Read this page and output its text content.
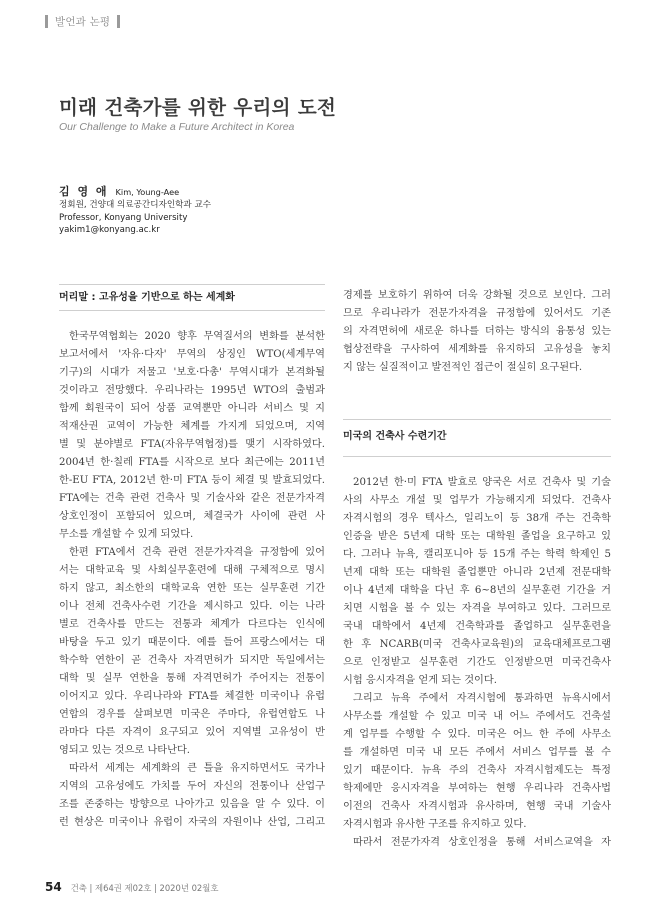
발언과 논평
미래 건축가를 위한 우리의 도전
Our Challenge to Make a Future Architect in Korea
김 영 애 Kim, Young-Aee
정회원, 건양대 의료공간디자인학과 교수
Professor, Konyang University
yakim1@konyang.ac.kr
머리말 : 고유성을 기반으로 하는 세계화
한국무역협회는 2020 향후 무역질서의 변화를 분석한
보고서에서 '자유·다자' 무역의 상징인 WTO(세계무역
기구)의 시대가 저물고 '보호·다총' 무역시대가 본격화될
것이라고 전망했다. 우리나라는 1995년 WTO의 출범과
함께 회원국이 되어 상품 교역뿐만 아니라 서비스 및 지
적재산권 교역이 가능한 체계를 가지게 되었으며, 지역
별 및 분야별로 FTA(자유무역협정)를 맺기 시작하였다.
2004년 한·칠레 FTA를 시작으로 보다 최근에는 2011년
한-EU FTA, 2012년 한·미 FTA 등이 체결 및 발효되었다.
FTA에는 건축 관련 건축사 및 기술사와 같은 전문가자격
상호인정이 포함되어 있으며, 체결국가 사이에 관련 사
무소를 개설할 수 있게 되었다.
한편 FTA에서 건축 관련 전문가자격을 규정함에 있어
서는 대학교육 및 사회실무훈련에 대해 구체적으로 명시
하지 않고, 최소한의 대학교육 연한 또는 실무훈련 기간
이나 전체 건축사수련 기간을 제시하고 있다. 이는 나라
별로 건축사를 만드는 전통과 체계가 다르다는 인식에
바탕을 두고 있기 때문이다. 예를 들어 프랑스에서는 대
학수학 연한이 곧 건축사 자격면허가 되지만 독일에서는
대학 및 실무 연한을 통해 자격면허가 주어지는 전통이
이어지고 있다. 우리나라와 FTA를 체결한 미국이나 유럽
연합의 경우를 살펴보면 미국은 주마다, 유럽연합도 나
라마다 다른 자격이 요구되고 있어 지역별 고유성이 반
영되고 있는 것으로 나타난다.
따라서 세계는 세계화의 큰 틀을 유지하면서도 국가나
지역의 고유성에도 가치를 두어 자신의 전통이나 산업구
조를 존중하는 방향으로 나아가고 있음을 알 수 있다. 이
런 현상은 미국이나 유럽이 자국의 자원이나 산업, 그리고
경제를 보호하기 위하여 더욱 강화될 것으로 보인다. 그러
므로 우리나라가 전문가자격을 규정함에 있어서도 기존
의 자격면허에 새로운 하나를 더하는 방식의 융통성 있는
협상전략을 구사하여 세계화를 유지하되 고유성을 놓치
지 않는 실질적이고 발전적인 접근이 절실히 요구된다.
미국의 건축사 수련기간
2012년 한·미 FTA 발효로 양국은 서로 건축사 및 기술
사의 사무소 개설 및 업무가 가능해지게 되었다. 건축사
자격시험의 경우 텍사스, 일리노이 등 38개 주는 건축학
인증을 받은 5년제 대학 또는 대학원 졸업을 요구하고 있
다. 그러나 뉴욕, 캘리포니아 등 15개 주는 학력 학제인 5
년제 대학 또는 대학원 졸업뿐만 아니라 2년제 전문대학
이나 4년제 대학을 다닌 후 6~8년의 실무훈련 기간을 거
치면 시험을 볼 수 있는 자격을 부여하고 있다. 그러므로
국내 대학에서 4년제 건축학과를 졸업하고 실무훈련을
한 후 NCARB(미국 건축사교육원)의 교육대체프로그램
으로 인정받고 실무훈련 기간도 인정받으면 미국건축사
시험 응시자격을 얻게 되는 것이다.
그리고 뉴욕 주에서 자격시험에 통과하면 뉴욕시에서
사무소를 개설할 수 있고 미국 내 어느 주에서도 건축설
계 업무를 수행할 수 있다. 미국은 어느 한 주에 사무소
를 개설하면 미국 내 모든 주에서 서비스 업무를 볼 수
있기 때문이다. 뉴욕 주의 건축사 자격시험제도는 특정
학제에만 응시자격을 부여하는 현행 우리나라 건축사법
이전의 건축사 자격시험과 유사하며, 현행 국내 기술사
자격시험과 유사한 구조를 유지하고 있다.
따라서 전문가자격 상호인정을 통해 서비스교역을 자
54 건축 | 제64권 제02호 | 2020년 02월호
